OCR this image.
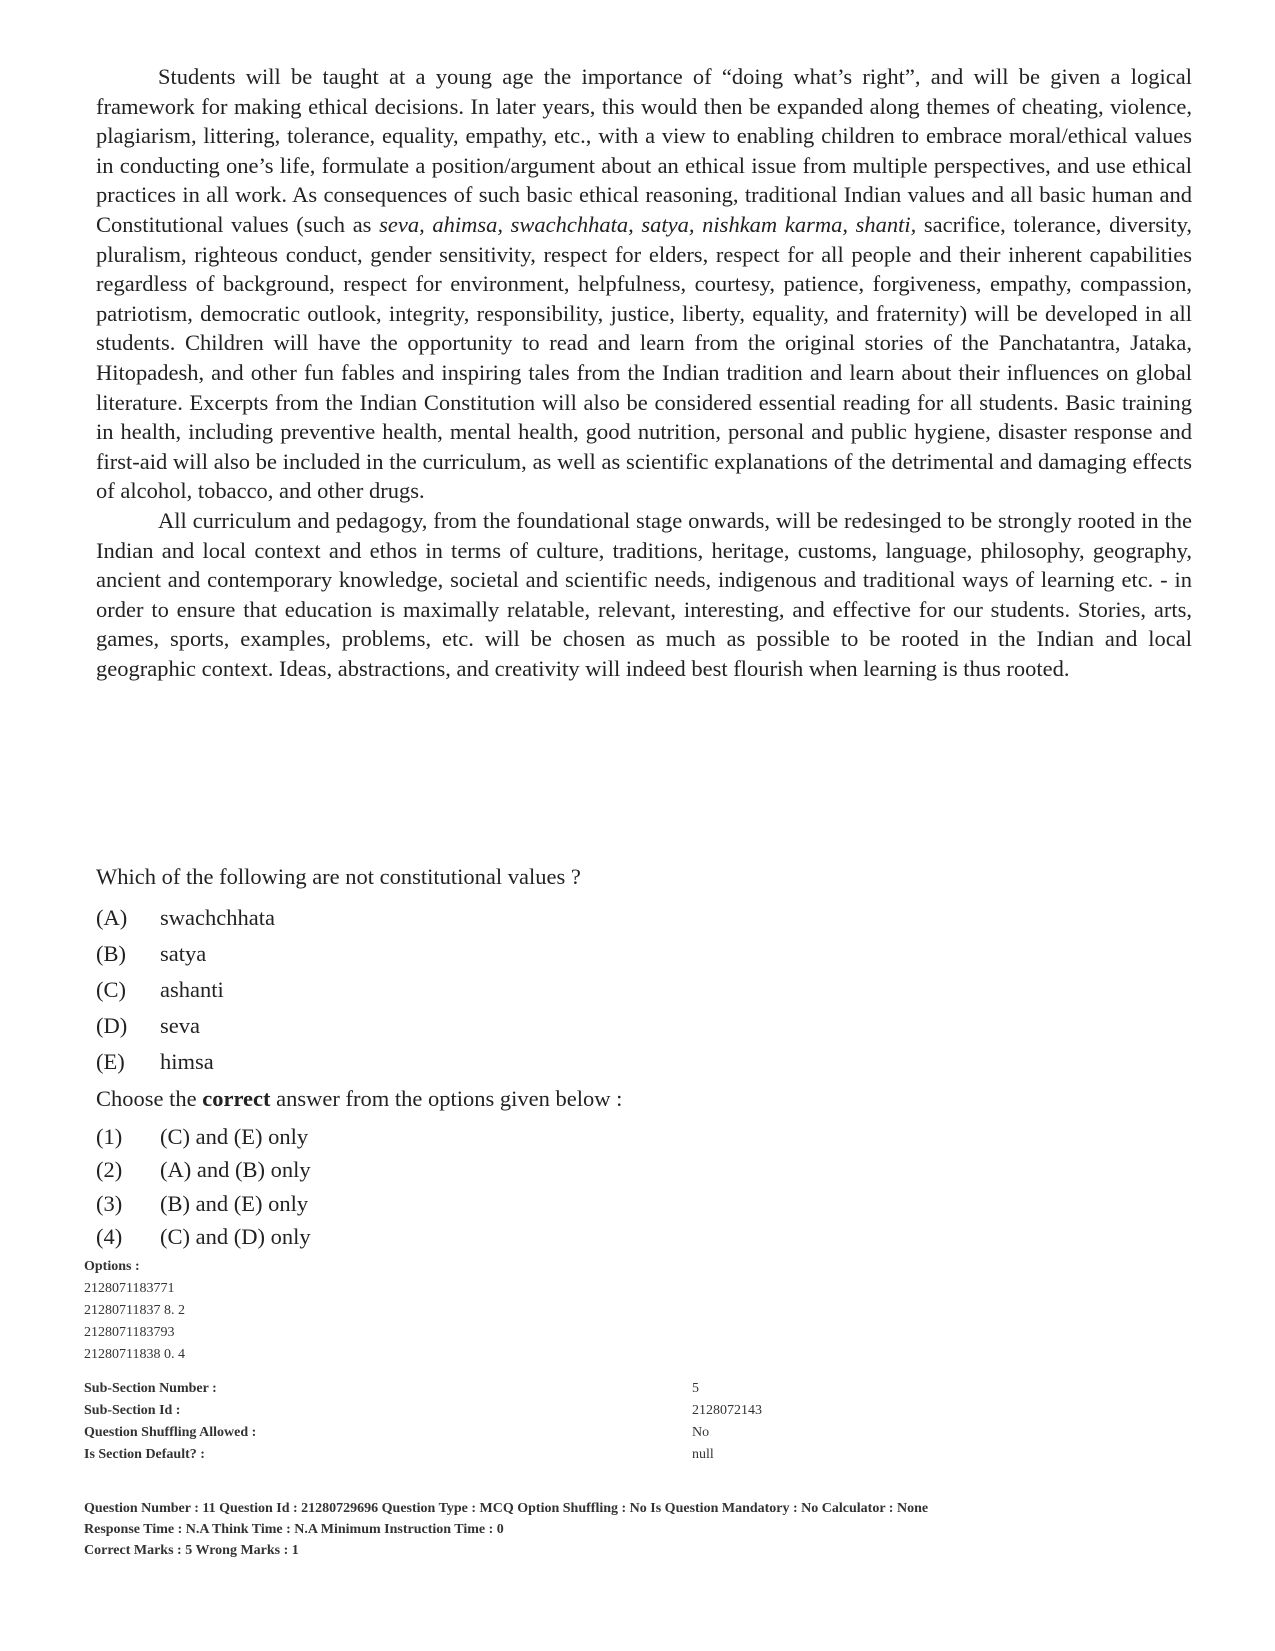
Students will be taught at a young age the importance of “doing what’s right”, and will be given a logical framework for making ethical decisions. In later years, this would then be expanded along themes of cheating, violence, plagiarism, littering, tolerance, equality, empathy, etc., with a view to enabling children to embrace moral/ethical values in conducting one’s life, formulate a position/argument about an ethical issue from multiple perspectives, and use ethical practices in all work. As consequences of such basic ethical reasoning, traditional Indian values and all basic human and Constitutional values (such as seva, ahimsa, swachchhata, satya, nishkam karma, shanti, sacrifice, tolerance, diversity, pluralism, righteous conduct, gender sensitivity, respect for elders, respect for all people and their inherent capabilities regardless of background, respect for environment, helpfulness, courtesy, patience, forgiveness, empathy, compassion, patriotism, democratic outlook, integrity, responsibility, justice, liberty, equality, and fraternity) will be developed in all students. Children will have the opportunity to read and learn from the original stories of the Panchatantra, Jataka, Hitopadesh, and other fun fables and inspiring tales from the Indian tradition and learn about their influences on global literature. Excerpts from the Indian Constitution will also be considered essential reading for all students. Basic training in health, including preventive health, mental health, good nutrition, personal and public hygiene, disaster response and first-aid will also be included in the curriculum, as well as scientific explanations of the detrimental and damaging effects of alcohol, tobacco, and other drugs.

All curriculum and pedagogy, from the foundational stage onwards, will be redesinged to be strongly rooted in the Indian and local context and ethos in terms of culture, traditions, heritage, customs, language, philosophy, geography, ancient and contemporary knowledge, societal and scientific needs, indigenous and traditional ways of learning etc. - in order to ensure that education is maximally relatable, relevant, interesting, and effective for our students. Stories, arts, games, sports, examples, problems, etc. will be chosen as much as possible to be rooted in the Indian and local geographic context. Ideas, abstractions, and creativity will indeed best flourish when learning is thus rooted.

Which of the following are not constitutional values ?
(A)	swachchhata
(B)	satya
(C)	ashanti
(D)	seva
(E)	himsa
Choose the correct answer from the options given below :
(1)	(C) and (E) only
(2)	(A) and (B) only
(3)	(B) and (E) only
(4)	(C) and (D) only
Options :
2128071183771
21280711837 8. 2
2128071183793
21280711838 0. 4
Sub-Section Number :	5
Sub-Section Id :	2128072143
Question Shuffling Allowed :	No
Is Section Default? :	null
Question Number : 11 Question Id : 21280729696 Question Type : MCQ Option Shuffling : No Is Question Mandatory : No Calculator : None
Response Time : N.A Think Time : N.A Minimum Instruction Time : 0
Correct Marks : 5 Wrong Marks : 1
